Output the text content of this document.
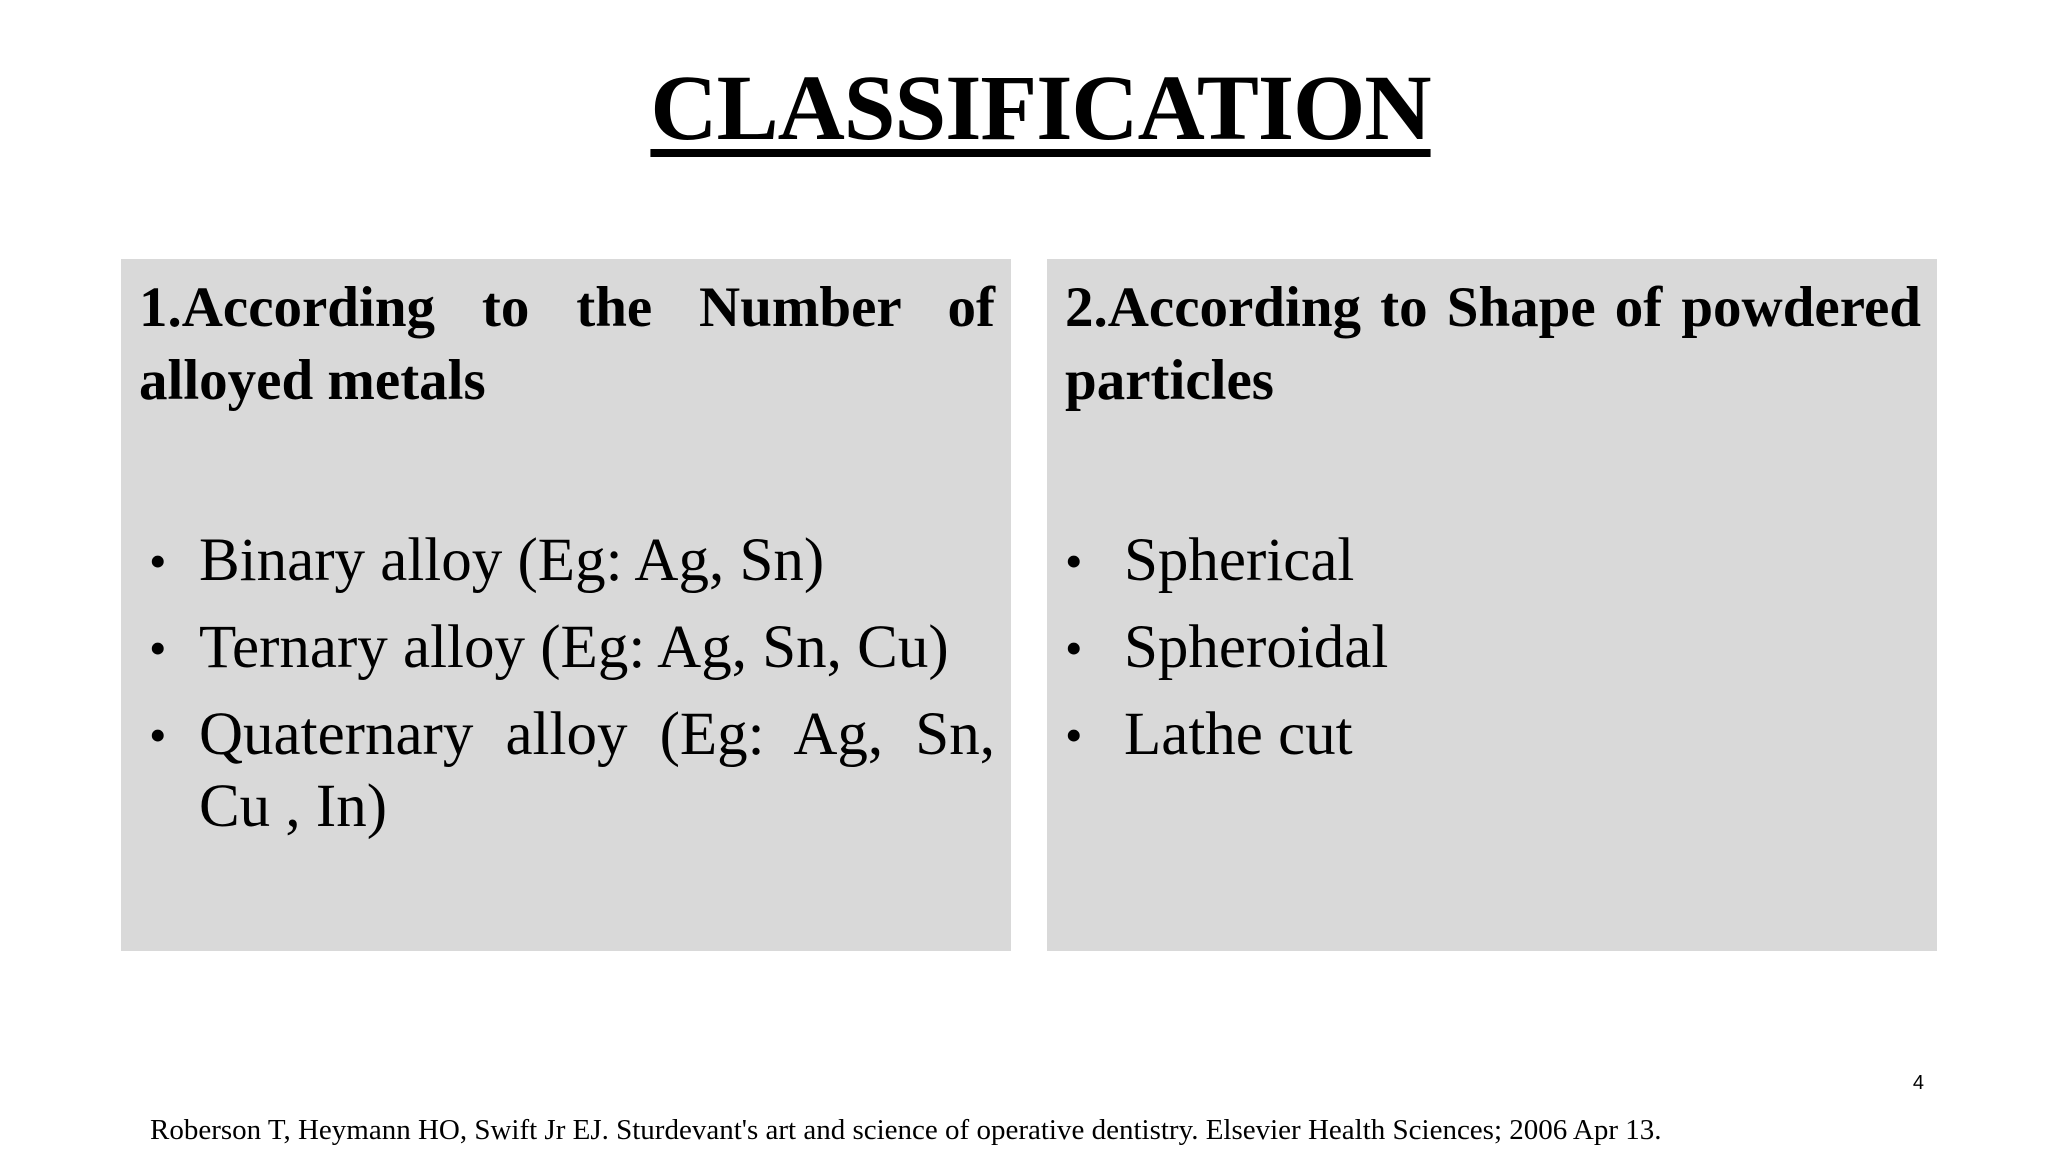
CLASSIFICATION

1.According to the Number of alloyed metals

• Binary alloy (Eg: Ag, Sn)
• Ternary alloy (Eg: Ag, Sn, Cu)
• Quaternary alloy (Eg: Ag, Sn, Cu , In)

2.According to Shape of powdered particles

• Spherical
• Spheroidal
• Lathe cut
4
Roberson T, Heymann HO, Swift Jr EJ. Sturdevant's art and science of operative dentistry. Elsevier Health Sciences; 2006 Apr 13.
